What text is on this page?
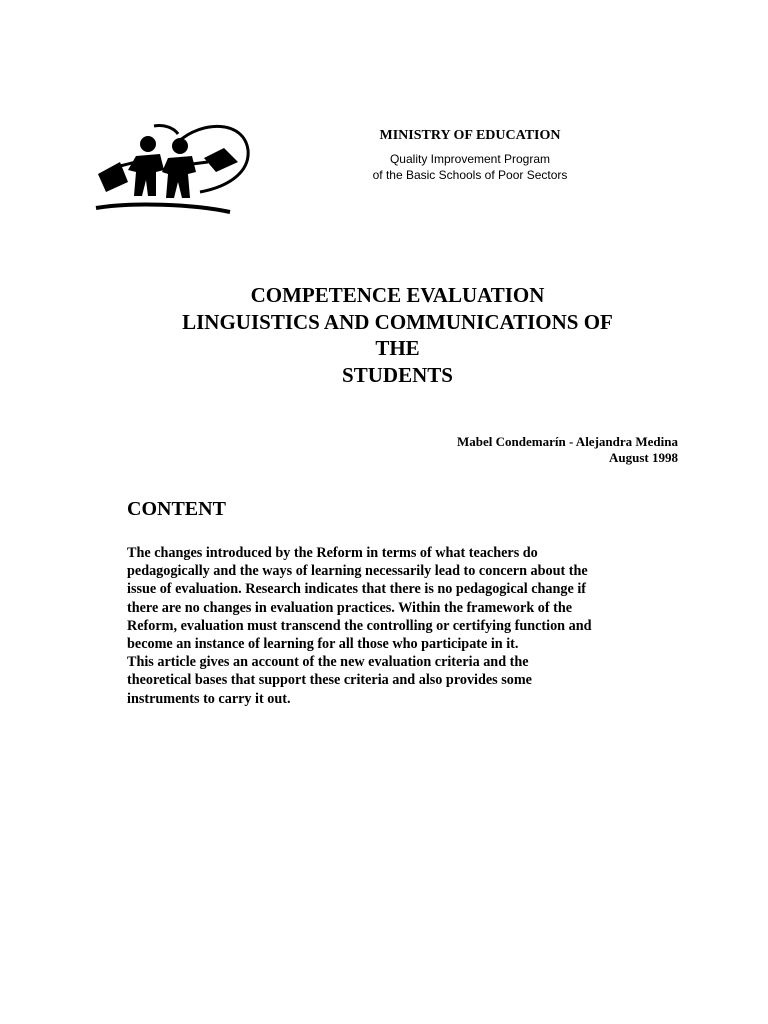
MINISTRY OF EDUCATION
Quality Improvement Program
of the Basic Schools of Poor Sectors
COMPETENCE EVALUATION
LINGUISTICS AND COMMUNICATIONS OF
THE
STUDENTS
Mabel Condemarín - Alejandra Medina
August 1998
CONTENT
The changes introduced by the Reform in terms of what teachers do
pedagogically and the ways of learning necessarily lead to concern about the
issue of evaluation. Research indicates that there is no pedagogical change if
there are no changes in evaluation practices. Within the framework of the
Reform, evaluation must transcend the controlling or certifying function and
become an instance of learning for all those who participate in it.
This article gives an account of the new evaluation criteria and the
theoretical bases that support these criteria and also provides some
instruments to carry it out.
